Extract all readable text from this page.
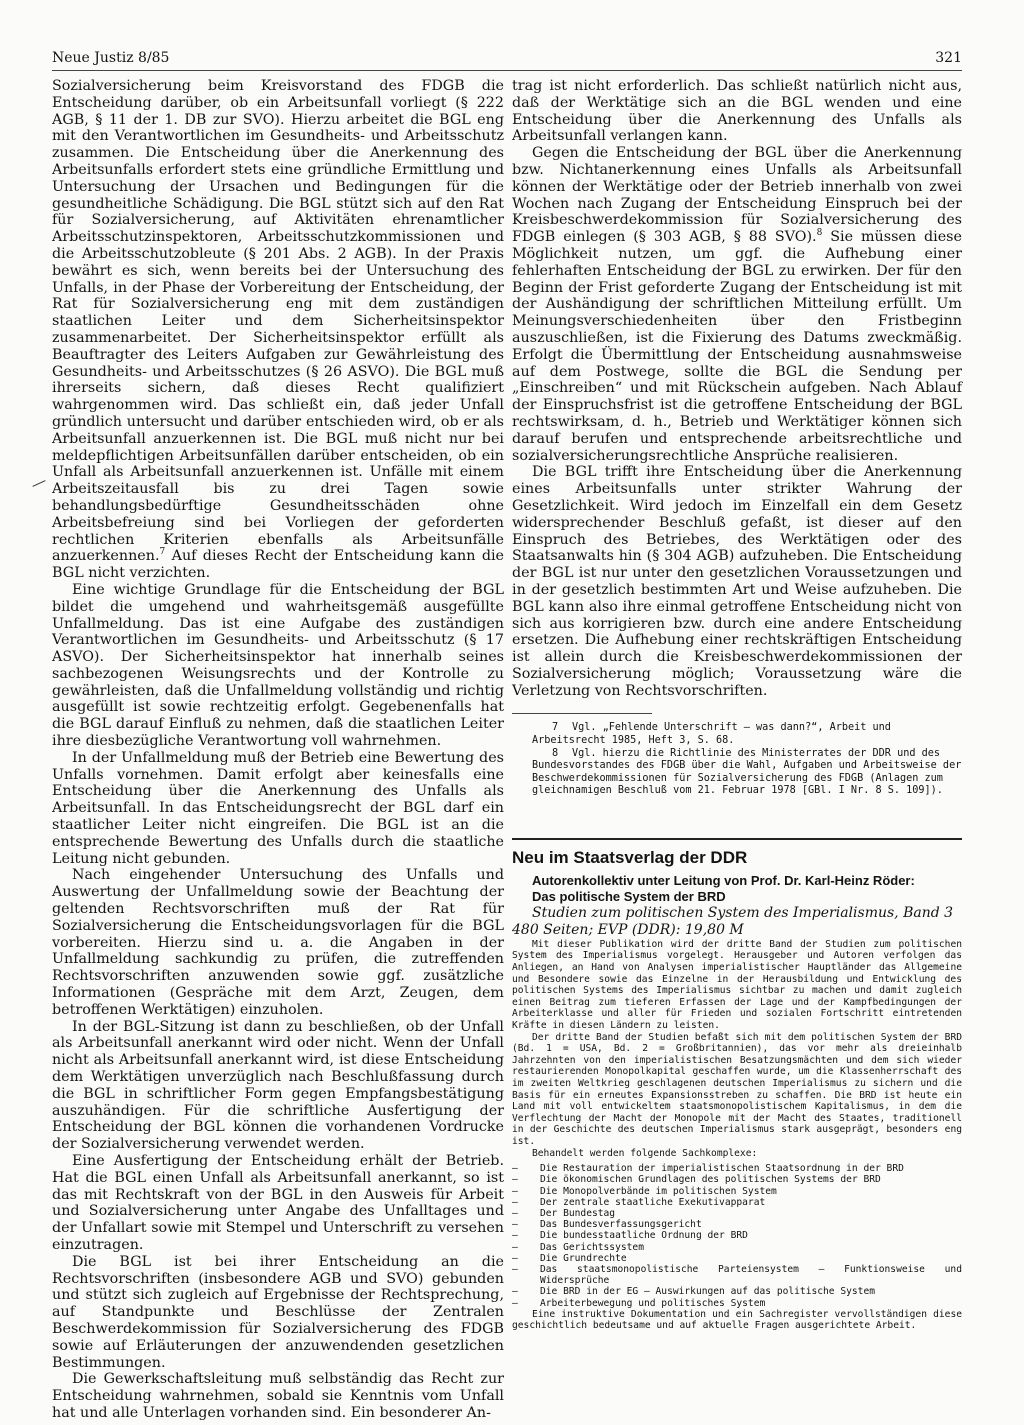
Neue Justiz 8/85	321

Sozialversicherung beim Kreisvorstand des FDGB die Entscheidung darüber, ob ein Arbeitsunfall vorliegt (§ 222 AGB, § 11 der 1. DB zur SVO). Hierzu arbeitet die BGL eng mit den Verantwortlichen im Gesundheits- und Arbeitsschutz zusammen. Die Entscheidung über die Anerkennung des Arbeitsunfalls erfordert stets eine gründliche Ermittlung und Untersuchung der Ursachen und Bedingungen für die gesundheitliche Schädigung. Die BGL stützt sich auf den Rat für Sozialversicherung, auf Aktivitäten ehrenamtlicher Arbeitsschutzinspektoren, Arbeitsschutzkommissionen und die Arbeitsschutzobleute (§ 201 Abs. 2 AGB). In der Praxis bewährt es sich, wenn bereits bei der Untersuchung des Unfalls, in der Phase der Vorbereitung der Entscheidung, der Rat für Sozialversicherung eng mit dem zuständigen staatlichen Leiter und dem Sicherheitsinspektor zusammenarbeitet. Der Sicherheitsinspektor erfüllt als Beauftragter des Leiters Aufgaben zur Gewährleistung des Gesundheits- und Arbeitsschutzes (§ 26 ASVO). Die BGL muß ihrerseits sichern, daß dieses Recht qualifiziert wahrgenommen wird. Das schließt ein, daß jeder Unfall gründlich untersucht und darüber entschieden wird, ob er als Arbeitsunfall anzuerkennen ist. Die BGL muß nicht nur bei meldepflichtigen Arbeitsunfällen darüber entscheiden, ob ein Unfall als Arbeitsunfall anzuerkennen ist. Unfälle mit einem Arbeitszeitausfall bis zu drei Tagen sowie behandlungsbedürftige Gesundheitsschäden ohne Arbeitsbefreiung sind bei Vorliegen der geforderten rechtlichen Kriterien ebenfalls als Arbeitsunfälle anzuerkennen.$^7$ Auf dieses Recht der Entscheidung kann die BGL nicht verzichten.

Eine wichtige Grundlage für die Entscheidung der BGL bildet die umgehend und wahrheitsgemäß ausgefüllte Unfallmeldung. Das ist eine Aufgabe des zuständigen Verantwortlichen im Gesundheits- und Arbeitsschutz (§ 17 ASVO). Der Sicherheitsinspektor hat innerhalb seines sachbezogenen Weisungsrechts und der Kontrolle zu gewährleisten, daß die Unfallmeldung vollständig und richtig ausgefüllt ist sowie rechtzeitig erfolgt. Gegebenenfalls hat die BGL darauf Einfluß zu nehmen, daß die staatlichen Leiter ihre diesbezügliche Verantwortung voll wahrnehmen.

In der Unfallmeldung muß der Betrieb eine Bewertung des Unfalls vornehmen. Damit erfolgt aber keinesfalls eine Entscheidung über die Anerkennung des Unfalls als Arbeitsunfall. In das Entscheidungsrecht der BGL darf ein staatlicher Leiter nicht eingreifen. Die BGL ist an die entsprechende Bewertung des Unfalls durch die staatliche Leitung nicht gebunden.

Nach eingehender Untersuchung des Unfalls und Auswertung der Unfallmeldung sowie der Beachtung der geltenden Rechtsvorschriften muß der Rat für Sozialversicherung die Entscheidungsvorlagen für die BGL vorbereiten. Hierzu sind u. a. die Angaben in der Unfallmeldung sachkundig zu prüfen, die zutreffenden Rechtsvorschriften anzuwenden sowie ggf. zusätzliche Informationen (Gespräche mit dem Arzt, Zeugen, dem betroffenen Werktätigen) einzuholen.

In der BGL-Sitzung ist dann zu beschließen, ob der Unfall als Arbeitsunfall anerkannt wird oder nicht. Wenn der Unfall nicht als Arbeitsunfall anerkannt wird, ist diese Entscheidung dem Werktätigen unverzüglich nach Beschlußfassung durch die BGL in schriftlicher Form gegen Empfangsbestätigung auszuhändigen. Für die schriftliche Ausfertigung der Entscheidung der BGL können die vorhandenen Vordrucke der Sozialversicherung verwendet werden.

Eine Ausfertigung der Entscheidung erhält der Betrieb. Hat die BGL einen Unfall als Arbeitsunfall anerkannt, so ist das mit Rechtskraft von der BGL in den Ausweis für Arbeit und Sozialversicherung unter Angabe des Unfalltages und der Unfallart sowie mit Stempel und Unterschrift zu versehen einzutragen.

Die BGL ist bei ihrer Entscheidung an die Rechtsvorschriften (insbesondere AGB und SVO) gebunden und stützt sich zugleich auf Ergebnisse der Rechtsprechung, auf Standpunkte und Beschlüsse der Zentralen Beschwerdekommission für Sozialversicherung des FDGB sowie auf Erläuterungen der anzuwendenden gesetzlichen Bestimmungen.

Die Gewerkschaftsleitung muß selbständig das Recht zur Entscheidung wahrnehmen, sobald sie Kenntnis vom Unfall hat und alle Unterlagen vorhanden sind. Ein besonderer An-

trag ist nicht erforderlich. Das schließt natürlich nicht aus, daß der Werktätige sich an die BGL wenden und eine Entscheidung über die Anerkennung des Unfalls als Arbeitsunfall verlangen kann.

Gegen die Entscheidung der BGL über die Anerkennung bzw. Nichtanerkennung eines Unfalls als Arbeitsunfall können der Werktätige oder der Betrieb innerhalb von zwei Wochen nach Zugang der Entscheidung Einspruch bei der Kreisbeschwerdekommission für Sozialversicherung des FDGB einlegen (§ 303 AGB, § 88 SVO).$^8$ Sie müssen diese Möglichkeit nutzen, um ggf. die Aufhebung einer fehlerhaften Entscheidung der BGL zu erwirken. Der für den Beginn der Frist geforderte Zugang der Entscheidung ist mit der Aushändigung der schriftlichen Mitteilung erfüllt. Um Meinungsverschiedenheiten über den Fristbeginn auszuschließen, ist die Fixierung des Datums zweckmäßig. Erfolgt die Übermittlung der Entscheidung ausnahmsweise auf dem Postwege, sollte die BGL die Sendung per „Einschreiben“ und mit Rückschein aufgeben. Nach Ablauf der Einspruchsfrist ist die getroffene Entscheidung der BGL rechtswirksam, d. h., Betrieb und Werktätiger können sich darauf berufen und entsprechende arbeitsrechtliche und sozialversicherungsrechtliche Ansprüche realisieren.

Die BGL trifft ihre Entscheidung über die Anerkennung eines Arbeitsunfalls unter strikter Wahrung der Gesetzlichkeit. Wird jedoch im Einzelfall ein dem Gesetz widersprechender Beschluß gefaßt, ist dieser auf den Einspruch des Betriebes, des Werktätigen oder des Staatsanwalts hin (§ 304 AGB) aufzuheben. Die Entscheidung der BGL ist nur unter den gesetzlichen Voraussetzungen und in der gesetzlich bestimmten Art und Weise aufzuheben. Die BGL kann also ihre einmal getroffene Entscheidung nicht von sich aus korrigieren bzw. durch eine andere Entscheidung ersetzen. Die Aufhebung einer rechtskräftigen Entscheidung ist allein durch die Kreisbeschwerdekommissionen der Sozialversicherung möglich; Voraussetzung wäre die Verletzung von Rechtsvorschriften.

7 Vgl. „Fehlende Unterschrift — was dann?“, Arbeit und Arbeitsrecht 1985, Heft 3, S. 68.

8 Vgl. hierzu die Richtlinie des Ministerrates der DDR und des Bundesvorstandes des FDGB über die Wahl, Aufgaben und Arbeitsweise der Beschwerdekommissionen für Sozialversicherung des FDGB (Anlagen zum gleichnamigen Beschluß vom 21. Februar 1978 [GBl. I Nr. 8 S. 109]).

Neu im Staatsverlag der DDR

Autorenkollektiv unter Leitung von Prof. Dr. Karl-Heinz Röder:

Das politische System der BRD

Studien zum politischen System des Imperialismus, Band 3
480 Seiten; EVP (DDR): 19,80 M

Mit dieser Publikation wird der dritte Band der Studien zum politischen System des Imperialismus vorgelegt. Herausgeber und Autoren verfolgen das Anliegen, an Hand von Analysen imperialistischer Hauptländer das Allgemeine und Besondere sowie das Einzelne in der Herausbildung und Entwicklung des politischen Systems des Imperialismus sichtbar zu machen und damit zugleich einen Beitrag zum tieferen Erfassen der Lage und der Kampfbedingungen der Arbeiterklasse und aller für Frieden und sozialen Fortschritt eintretenden Kräfte in diesen Ländern zu leisten.

Der dritte Band der Studien befaßt sich mit dem politischen System der BRD (Bd. 1 = USA, Bd. 2 = Großbritannien), das vor mehr als dreieinhalb Jahrzehnten von den imperialistischen Besatzungsmächten und dem sich wieder restaurierenden Monopolkapital geschaffen wurde, um die Klassenherrschaft des im zweiten Weltkrieg geschlagenen deutschen Imperialismus zu sichern und die Basis für ein erneutes Expansionsstreben zu schaffen. Die BRD ist heute ein Land mit voll entwickeltem staatsmonopolistischem Kapitalismus, in dem die Verflechtung der Macht der Monopole mit der Macht des Staates, traditionell in der Geschichte des deutschen Imperialismus stark ausgeprägt, besonders eng ist.

Behandelt werden folgende Sachkomplexe:

– Die Restauration der imperialistischen Staatsordnung in der BRD
– Die ökonomischen Grundlagen des politischen Systems der BRD
– Die Monopolverbände im politischen System
– Der zentrale staatliche Exekutivapparat
– Der Bundestag
– Das Bundesverfassungsgericht
– Die bundesstaatliche Ordnung der BRD
– Das Gerichtssystem
– Die Grundrechte
– Das staatsmonopolistische Parteiensystem – Funktionsweise und Widersprüche
– Die BRD in der EG – Auswirkungen auf das politische System
– Arbeiterbewegung und politisches System

Eine instruktive Dokumentation und ein Sachregister vervollständigen diese geschichtlich bedeutsame und auf aktuelle Fragen ausgerichtete Arbeit.
